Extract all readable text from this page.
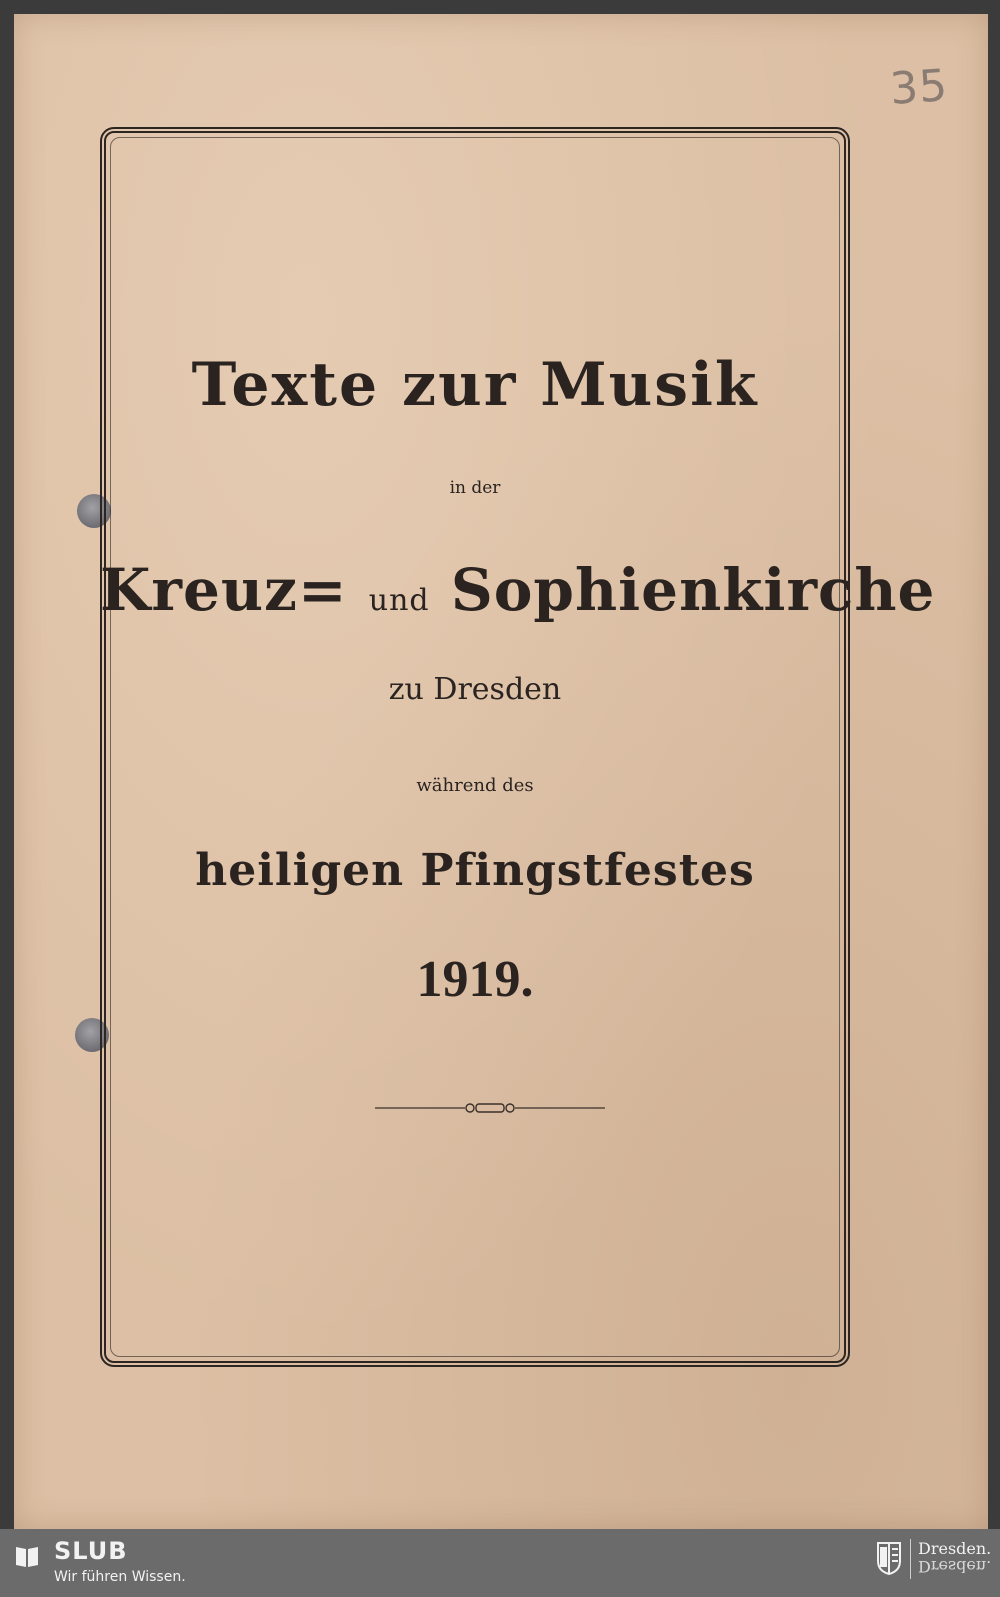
35
Texte zur Musik
in der
Kreuz= und Sophienkirche
zu Dresden
während des
heiligen Pfingstfestes
1919.
SLUB
Wir führen Wissen.
Dresden.
Dresden.
